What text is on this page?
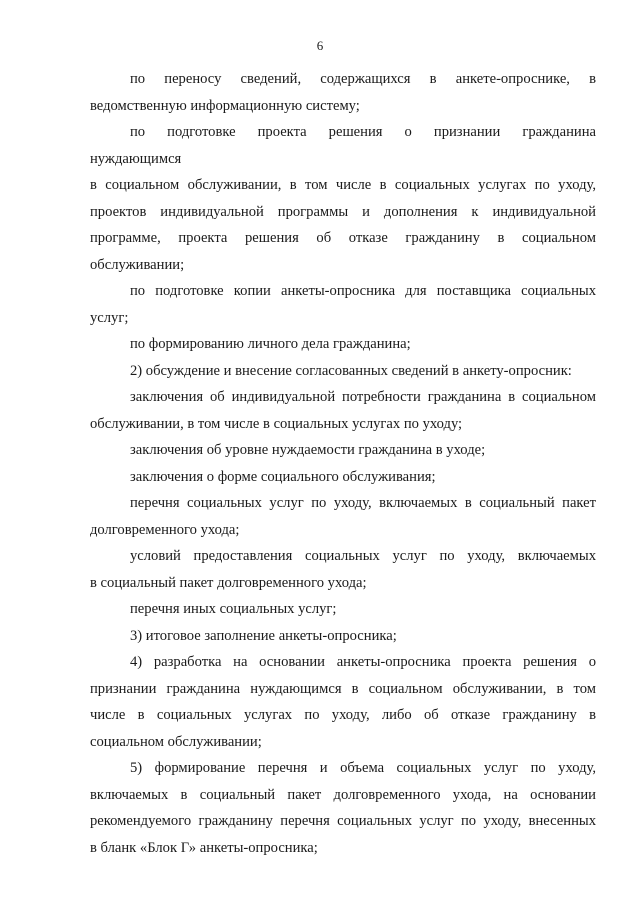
6
по переносу сведений, содержащихся в анкете-опроснике, в
ведомственную информационную систему;
по подготовке проекта решения о признании гражданина
нуждающимся
в социальном обслуживании, в том числе в социальных услугах по уходу,
проектов индивидуальной программы и дополнения к индивидуальной
программе, проекта решения об отказе гражданину в социальном
обслуживании;
по подготовке копии анкеты-опросника для поставщика социальных
услуг;
по формированию личного дела гражданина;
2) обсуждение и внесение согласованных сведений в анкету-опросник:
заключения об индивидуальной потребности гражданина в социальном
обслуживании, в том числе в социальных услугах по уходу;
заключения об уровне нуждаемости гражданина в уходе;
заключения о форме социального обслуживания;
перечня социальных услуг по уходу, включаемых в социальный пакет
долговременного ухода;
условий предоставления социальных услуг по уходу, включаемых
в социальный пакет долговременного ухода;
перечня иных социальных услуг;
3) итоговое заполнение анкеты-опросника;
4) разработка на основании анкеты-опросника проекта решения о
признании гражданина нуждающимся в социальном обслуживании, в том
числе в социальных услугах по уходу, либо об отказе гражданину в
социальном обслуживании;
5) формирование перечня и объема социальных услуг по уходу,
включаемых в социальный пакет долговременного ухода, на основании
рекомендуемого гражданину перечня социальных услуг по уходу, внесенных
в бланк «Блок Г» анкеты-опросника;
